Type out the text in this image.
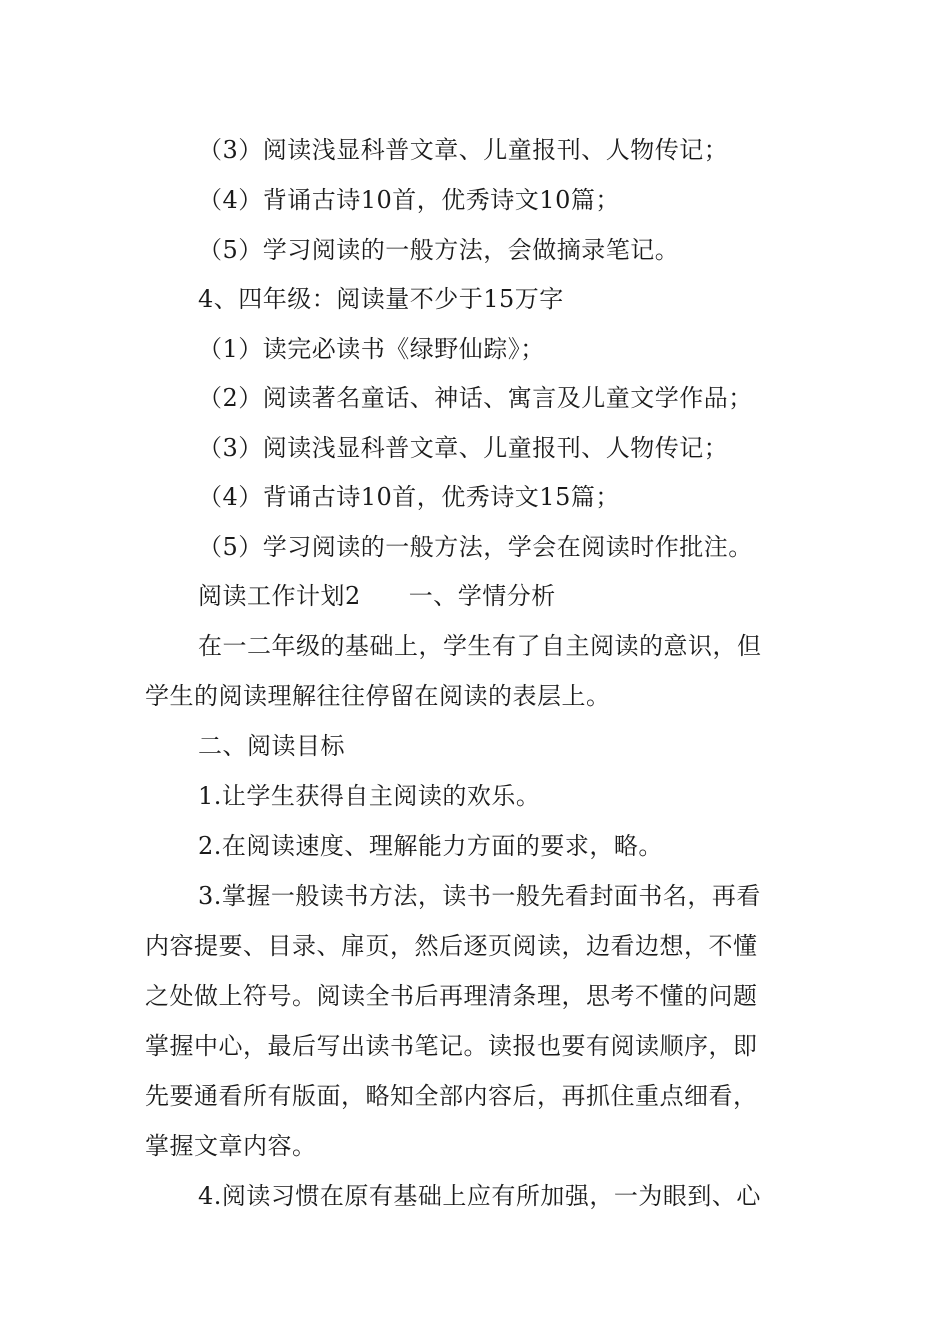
（3）阅读浅显科普文章、儿童报刊、人物传记；
（4）背诵古诗10首，优秀诗文10篇；
（5）学习阅读的一般方法，会做摘录笔记。
4、四年级：阅读量不少于15万字
（1）读完必读书《绿野仙踪》；
（2）阅读著名童话、神话、寓言及儿童文学作品；
（3）阅读浅显科普文章、儿童报刊、人物传记；
（4）背诵古诗10首，优秀诗文15篇；
（5）学习阅读的一般方法，学会在阅读时作批注。
阅读工作计划2 一、学情分析
在一二年级的基础上，学生有了自主阅读的意识，但
学生的阅读理解往往停留在阅读的表层上。
二、阅读目标
1.让学生获得自主阅读的欢乐。
2.在阅读速度、理解能力方面的要求，略。
3.掌握一般读书方法，读书一般先看封面书名，再看
内容提要、目录、扉页，然后逐页阅读，边看边想，不懂
之处做上符号。阅读全书后再理清条理，思考不懂的问题
掌握中心，最后写出读书笔记。读报也要有阅读顺序，即
先要通看所有版面，略知全部内容后，再抓住重点细看，
掌握文章内容。
4.阅读习惯在原有基础上应有所加强，一为眼到、心
